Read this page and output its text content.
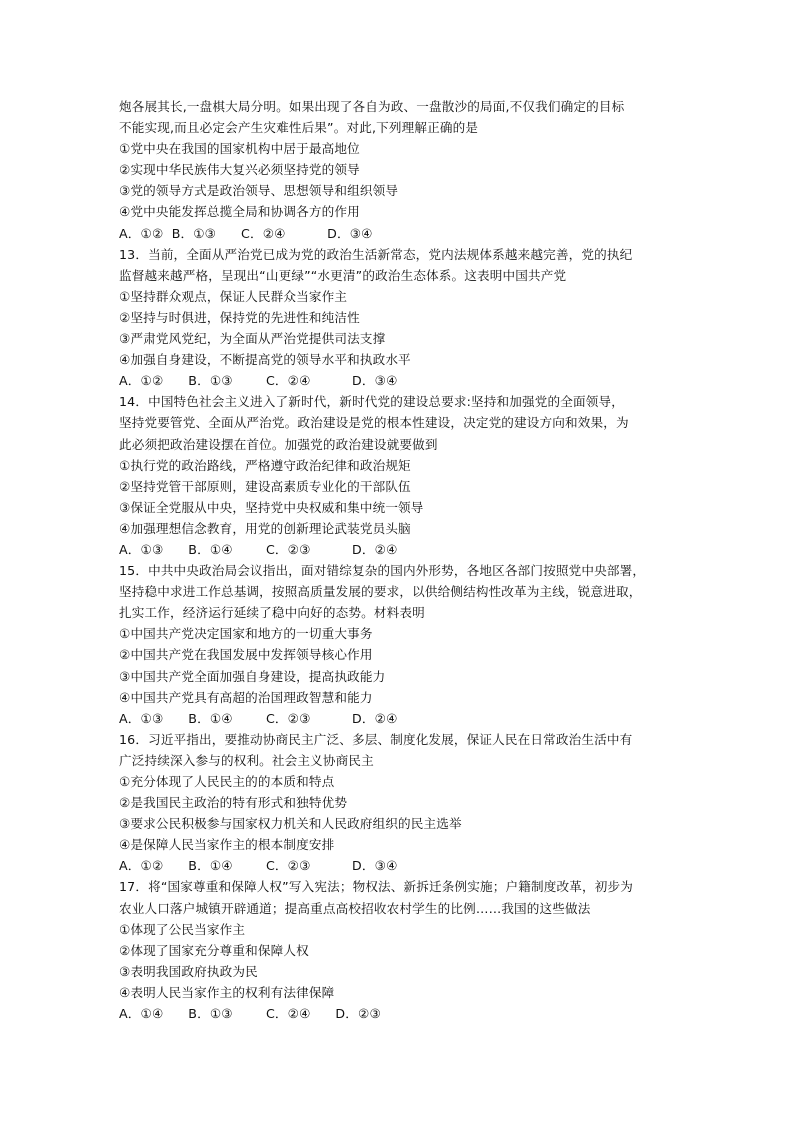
炮各展其长,一盘棋大局分明。如果出现了各自为政、一盘散沙的局面,不仅我们确定的目标
不能实现,而且必定会产生灾难性后果”。对此,下列理解正确的是
①党中央在我国的国家机构中居于最高地位
②实现中华民族伟大复兴必须坚持党的领导
③党的领导方式是政治领导、思想领导和组织领导
④党中央能发挥总揽全局和协调各方的作用
A．①②  B．①③      C．②④          D．③④
13．当前，全面从严治党已成为党的政治生活新常态，党内法规体系越来越完善，党的执纪
监督越来越严格，呈现出“山更绿”“水更清”的政治生态体系。这表明中国共产党
①坚持群众观点，保证人民群众当家作主
②坚持与时俱进，保持党的先进性和纯洁性
③严肃党风党纪，为全面从严治党提供司法支撑
④加强自身建设，不断提高党的领导水平和执政水平
A．①②      B．①③        C．②④          D．③④
14．中国特色社会主义进入了新时代，新时代党的建设总要求:坚持和加强党的全面领导，
坚持党要管党、全面从严治党。政治建设是党的根本性建设，决定党的建设方向和效果，为
此必须把政治建设摆在首位。加强党的政治建设就要做到
①执行党的政治路线，严格遵守政治纪律和政治规矩
②坚持党管干部原则，建设高素质专业化的干部队伍
③保证全党服从中央，坚持党中央权威和集中统一领导
④加强理想信念教育，用党的创新理论武装党员头脑
A．①③      B．①④        C．②③          D．②④
15．中共中央政治局会议指出，面对错综复杂的国内外形势，各地区各部门按照党中央部署，
坚持稳中求进工作总基调，按照高质量发展的要求，以供给侧结构性改革为主线，锐意进取，
扎实工作，经济运行延续了稳中向好的态势。材料表明
①中国共产党决定国家和地方的一切重大事务
②中国共产党在我国发展中发挥领导核心作用
③中国共产党全面加强自身建设，提高执政能力
④中国共产党具有高超的治国理政智慧和能力
A．①③      B．①④        C．②③          D．②④
16．习近平指出，要推动协商民主广泛、多层、制度化发展，保证人民在日常政治生活中有
广泛持续深入参与的权利。社会主义协商民主
①充分体现了人民民主的的本质和特点
②是我国民主政治的特有形式和独特优势
③要求公民积极参与国家权力机关和人民政府组织的民主选举
④是保障人民当家作主的根本制度安排
A．①②      B．①④        C．②③          D．③④
17．将“国家尊重和保障人权”写入宪法；物权法、新拆迁条例实施；户籍制度改革，初步为
农业人口落户城镇开辟通道；提高重点高校招收农村学生的比例……我国的这些做法
①体现了公民当家作主
②体现了国家充分尊重和保障人权
③表明我国政府执政为民
④表明人民当家作主的权利有法律保障
A．①④      B．①③        C．②④      D．②③
